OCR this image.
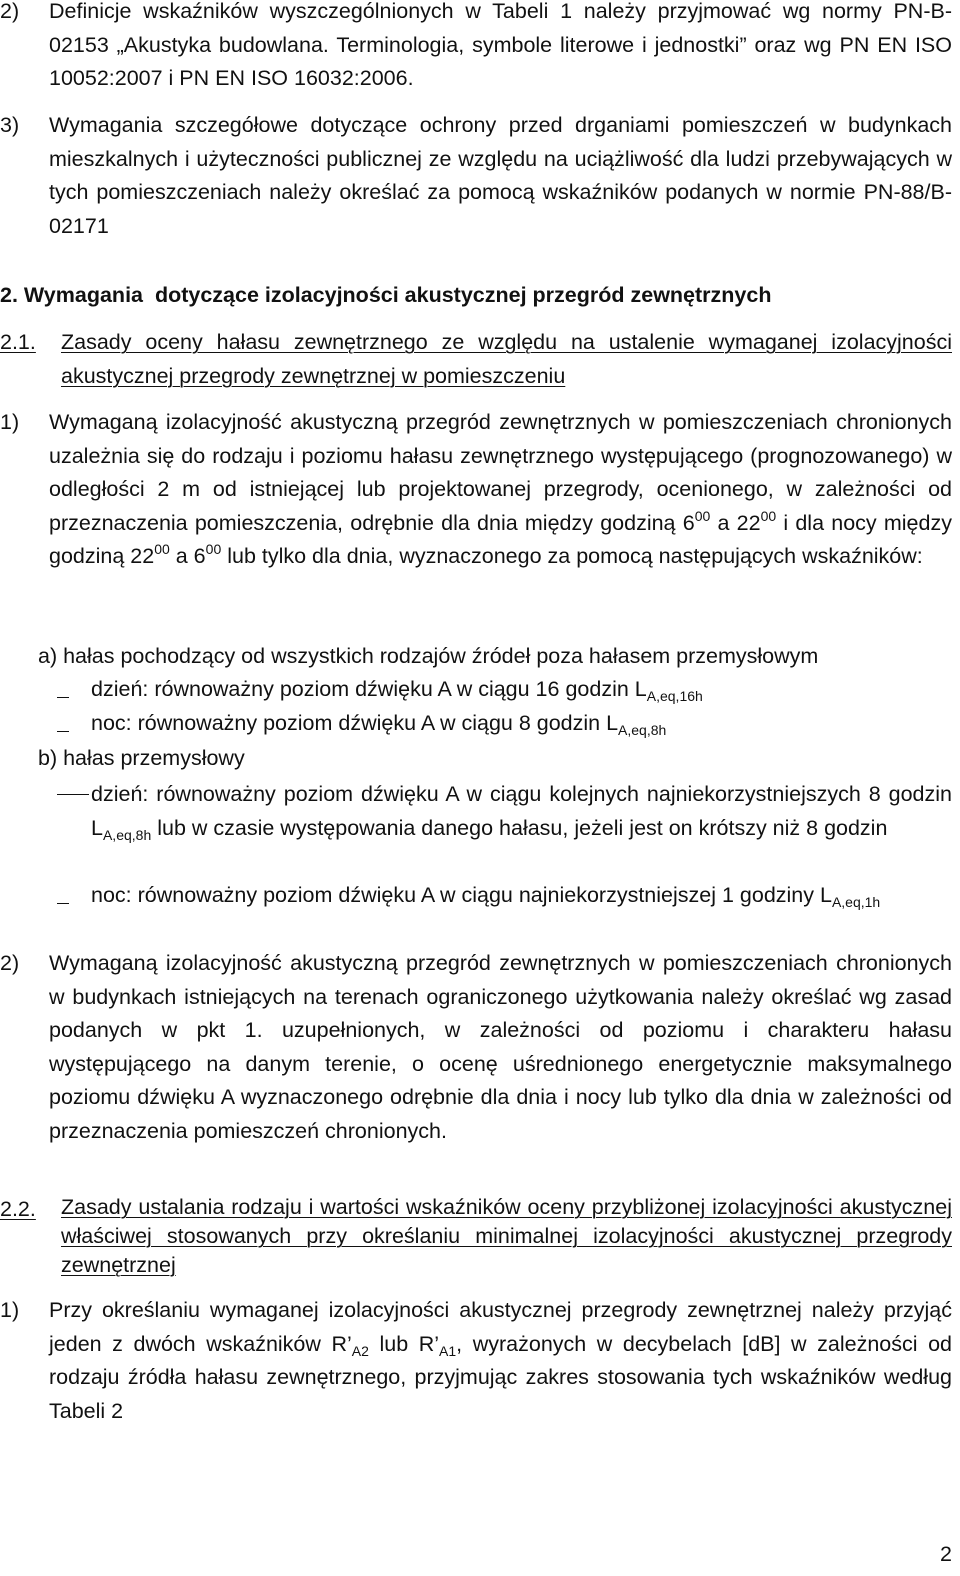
2) Definicje wskaźników wyszczególnionych w Tabeli 1 należy przyjmować wg normy PN-B-02153 „Akustyka budowlana. Terminologia, symbole literowe i jednostki” oraz wg PN EN ISO 10052:2007 i PN EN ISO 16032:2006.

3) Wymagania szczegółowe dotyczące ochrony przed drganiami pomieszczeń w budynkach mieszkalnych i użyteczności publicznej ze względu na uciążliwość dla ludzi przebywających w tych pomieszczeniach należy określać za pomocą wskaźników podanych w normie PN-88/B-02171

2. Wymagania  dotyczące izolacyjności akustycznej przegród zewnętrznych

2.1. Zasady oceny hałasu zewnętrznego ze względu na ustalenie wymaganej izolacyjności akustycznej przegrody zewnętrznej w pomieszczeniu

1) Wymaganą izolacyjność akustyczną przegród zewnętrznych w pomieszczeniach chronionych uzależnia się do rodzaju i poziomu hałasu zewnętrznego występującego (prognozowanego) w odległości 2 m od istniejącej lub projektowanej przegrody, ocenionego, w zależności od przeznaczenia pomieszczenia, odrębnie dla dnia między godziną $6^{00}$ a $22^{00}$ i dla nocy między godziną $22^{00}$ a $6^{00}$ lub tylko dla dnia, wyznaczonego za pomocą następujących wskaźników:

a) hałas pochodzący od wszystkich rodzajów źródeł poza hałasem przemysłowym

dzień: równoważny poziom dźwięku A w ciągu 16 godzin $L_{A,eq,16h}$

noc: równoważny poziom dźwięku A w ciągu 8 godzin $L_{A,eq,8h}$

b) hałas przemysłowy

dzień: równoważny poziom dźwięku A w ciągu kolejnych najniekorzystniejszych 8 godzin $L_{A,eq,8h}$ lub w czasie występowania danego hałasu, jeżeli jest on krótszy niż 8 godzin

noc: równoważny poziom dźwięku A w ciągu najniekorzystniejszej 1 godziny $L_{A,eq,1h}$

2) Wymaganą izolacyjność akustyczną przegród zewnętrznych w pomieszczeniach chronionych w budynkach istniejących na terenach ograniczonego użytkowania należy określać wg zasad podanych w pkt 1. uzupełnionych, w zależności od poziomu i charakteru hałasu występującego na danym terenie, o ocenę uśrednionego energetycznie maksymalnego poziomu dźwięku A wyznaczonego odrębnie dla dnia i nocy lub tylko dla dnia w zależności od przeznaczenia pomieszczeń chronionych.

2.2. Zasady ustalania rodzaju i wartości wskaźników oceny przybliżonej izolacyjności akustycznej właściwej stosowanych przy określaniu minimalnej izolacyjności akustycznej przegrody zewnętrznej

1) Przy określaniu wymaganej izolacyjności akustycznej przegrody zewnętrznej należy przyjąć jeden z dwóch wskaźników $R’_{A2}$ lub $R’_{A1}$, wyrażonych w decybelach [dB] w zależności od rodzaju źródła hałasu zewnętrznego, przyjmując zakres stosowania tych wskaźników według Tabeli 2

2
